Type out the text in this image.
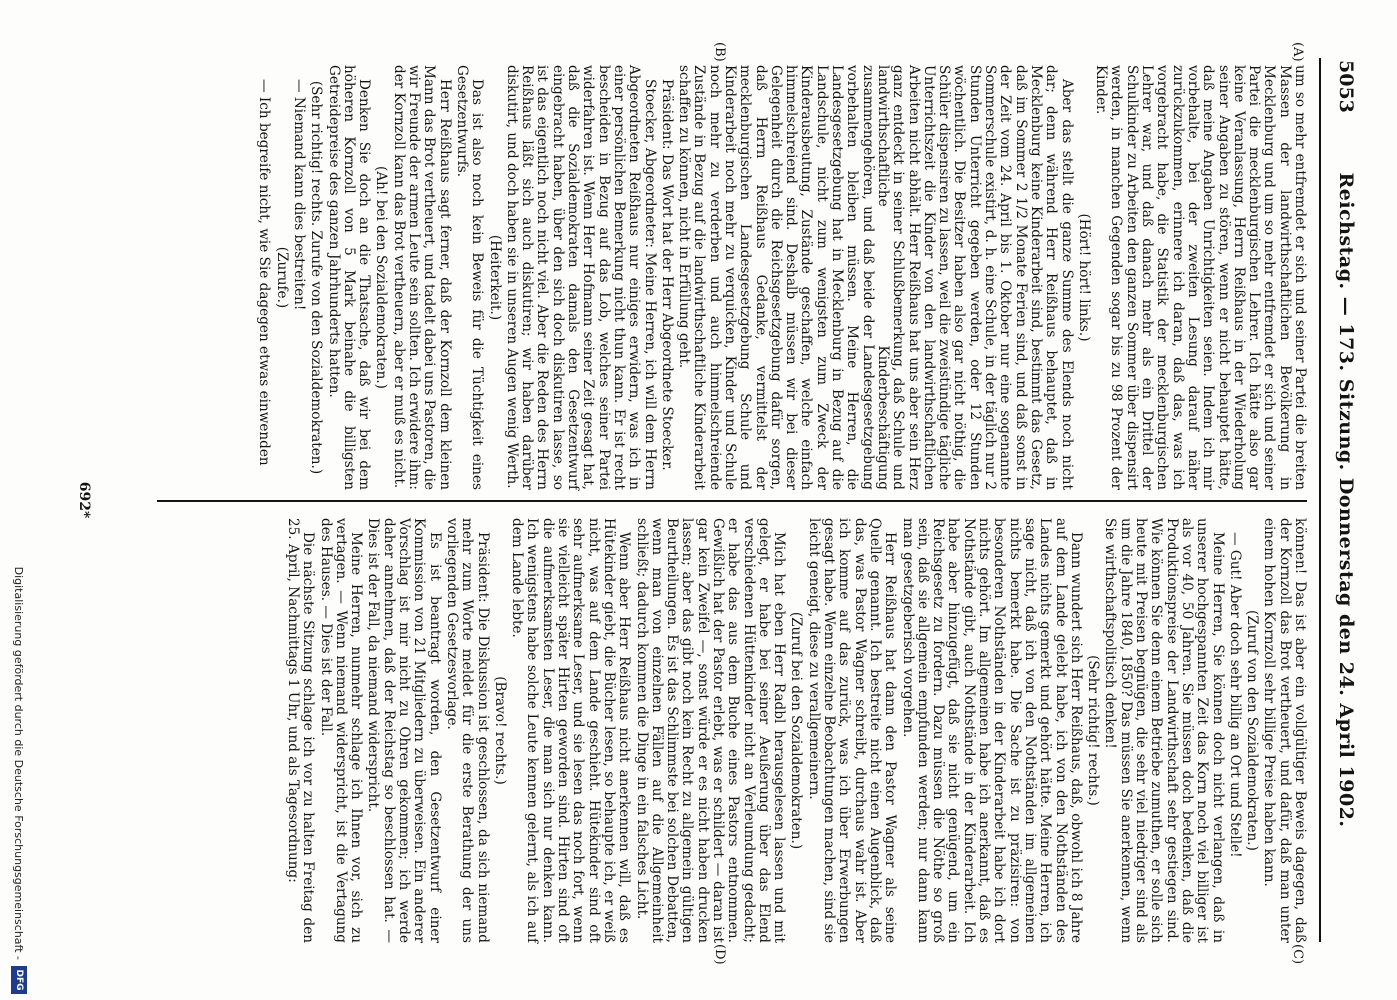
5053
Reichstag. — 173. Sitzung. Donnerstag den 24. April 1902.
(A)
(B)
(C)
(D)

um so mehr entfremdet er sich und seiner Partei die breiten Massen der landwirthschaftlichen Bevölkerung in Mecklenburg und um so mehr entfremdet er sich und seiner Partei die mecklenburgischen Lehrer. Ich hätte also gar keine Veranlassung, Herrn Reißhaus in der Wiederholung seiner Angaben zu stören, wenn er nicht behauptet hätte, daß meine Angaben Unrichtigkeiten seien. Indem ich mir vorbehalte, bei der zweiten Lesung darauf näher zurückzukommen, erinnere ich daran, daß das, was ich vorgebracht habe, die Statistik der mecklenburgischen Lehrer war, und daß danach mehr als ein Drittel der Schulkinder zu Arbeiten den ganzen Sommer über dispensirt werden, in manchen Gegenden sogar bis zu 98 Prozent der Kinder.

(Hört! hört! links.)

Aber das stellt die ganze Summe des Elends noch nicht dar; denn während Herr Reißhaus behauptet, daß in Mecklenburg keine Kinderarbeit sind, bestimmt das Gesetz, daß im Sommer 2 1/2 Monate Ferien sind, und daß sonst in der Zeit vom 24. April bis 1. Oktober nur eine sogenannte Sommerschule existirt, d. h. eine Schule, in der täglich nur 2 Stunden Unterricht gegeben werden, oder 12 Stunden wöchentlich. Die Besitzer haben also gar nicht nöthig, die Schüler dispensiren zu lassen, weil die zweistündige tägliche Unterrichtszeit die Kinder von den landwirthschaftlichen Arbeiten nicht abhält. Herr Reißhaus hat uns aber sein Herz ganz entdeckt in seiner Schlußbemerkung, daß Schule und landwirthschaftliche Kinderbeschäftigung zusammengehören, und daß beide der Landesgesetzgebung vorbehalten bleiben müssen. Meine Herren, die Landesgesetzgebung hat in Mecklenburg in Bezug auf die Landschule, nicht zum wenigsten zum Zweck der Kinderausbeutung, Zustände geschaffen, welche einfach himmelschreiend sind. Deshalb müssen wir bei dieser Gelegenheit durch die Reichsgesetzgebung dafür sorgen, daß Herrn Reißhaus Gedanke, vermittelst der mecklenburgischen Landesgesetzgebung Schule und Kinderarbeit noch mehr zu verquicken, Kinder und Schule noch mehr zu verderben und auch himmelschreiende Zustände in Bezug auf die landwirthschaftliche Kinderarbeit schaffen zu können, nicht in Erfüllung geht.

Präsident: Das Wort hat der Herr Abgeordnete Stoecker.

Stoecker, Abgeordneter: Meine Herren, ich will dem Herrn Abgeordneten Reißhaus nur einiges erwidern, was ich in einer persönlichen Bemerkung nicht thun kann. Er ist recht bescheiden in Bezug auf das Lob, welches seiner Partei widerfahren ist. Wenn Herr Hofmann seiner Zeit gesagt hat, daß die Sozialdemokraten damals den Gesetzentwurf eingebracht haben, über den sich doch diskutiren lasse, so ist das eigentlich noch nicht viel. Aber die Reden des Herrn Reißhaus läßt sich auch diskutiren; wir haben darüber diskutirt, und doch haben sie in unseren Augen wenig Werth.

(Heiterkeit.)

Das ist also noch kein Beweis für die Tüchtigkeit eines Gesetzentwurfs.

Herr Reißhaus sagt ferner, daß der Kornzoll dem kleinen Mann das Brot vertheuert, und tadelt dabei uns Pastoren, die wir Freunde der armen Leute sein sollten. Ich erwidere ihm: der Kornzoll kann das Brot vertheuern, aber er muß es nicht.

(Ah! bei den Sozialdemokraten.)

Denken Sie doch an die Thatsache, daß wir bei dem höheren Kornzoll von 5 Mark beinahe die billigsten Getreidepreise des ganzen Jahrhunderts hatten.

(Sehr richtig! rechts. Zurufe von den Sozialdemokraten.)

— Niemand kann dies bestreiten!

(Zurufe.)

— Ich begreife nicht, wie Sie dagegen etwas einwenden

können! Das ist aber ein vollgültiger Beweis dagegen, daß der Kornzoll das Brot vertheuert, und dafür, daß man unter einem hohen Kornzoll sehr billige Preise haben kann.

(Zuruf von den Sozialdemokraten.)

— Gut! Aber doch sehr billig an Ort und Stelle!

Meine Herren, Sie können doch nicht verlangen, daß in unserer hochgespannten Zeit das Korn noch viel billiger ist als vor 40, 50 Jahren. Sie müssen doch bedenken, daß die Produktionspreise der Landwirthschaft sehr gestiegen sind. Wie können Sie denn einem Betriebe zumuthen, er solle sich heute mit Preisen begnügen, die sehr viel niedriger sind als um die Jahre 1840, 1850? Das müssen Sie anerkennen, wenn Sie wirthschaftspolitisch denken!

(Sehr richtig! rechts.)

Dann wundert sich Herr Reißhaus, daß, obwohl ich 8 Jahre auf dem Lande gelebt habe, ich von den Nothständen des Landes nichts gemerkt und gehört hätte. Meine Herren, ich sage nicht, daß ich von den Nothständen im allgemeinen nichts bemerkt habe. Die Sache ist zu präzisiren: von besonderen Nothständen in der Kinderarbeit habe ich dort nichts gehört. Im allgemeinen habe ich anerkannt, daß es Nothstände gibt, auch Nothstände in der Kinderarbeit. Ich habe aber hinzugefügt, daß sie nicht genügend, um ein Reichsgesetz zu fordern. Dazu müssen die Nöthe so groß sein, daß sie allgemein empfunden werden; nur dann kann man gesetzgeberisch vorgehen.

Herr Reißhaus hat dann den Pastor Wagner als seine Quelle genannt. Ich bestreite nicht einen Augenblick, daß das, was Pastor Wagner schreibt, durchaus wahr ist. Aber ich komme auf das zurück, was ich über Erwerbungen gesagt habe. Wenn einzelne Beobachtungen machen, sind sie leicht geneigt, diese zu verallgemeinern.

(Zuruf bei den Sozialdemokraten.)

Mich hat eben Herr Radbl herausgelesen lassen und mit gelegt, er habe bei seiner Aeußerung über das Elend verschiedenen Hüttenkinder nicht an Verleumdung gedacht; er habe das aus dem Buche eines Pastors entnommen. Gewißlich hat der Pastor erlebt, was er schildert — daran ist gar kein Zweifel —, sonst würde er es nicht haben drucken lassen; aber das gibt noch kein Recht zu allgemein gültigen Beurtheilungen. Es ist das Schlimmste bei solchen Debatten, wenn man von einzelnen Fällen auf die Allgemeinheit schließt; dadurch kommen die Dinge in ein falsches Licht.

Wenn aber Herr Reißhaus nicht anerkennen will, daß es Hütekinder giebt, die Bücher lesen, so behaupte ich, er weiß nicht, was auf dem Lande geschieht. Hütekinder sind oft sehr aufmerksame Leser, und sie lesen das noch fort, wenn sie vielleicht später Hirten geworden sind. Hirten sind oft die aufmerksamsten Leser, die man sich nur denken kann. Ich wenigstens habe solche Leute kennen gelernt, als ich auf dem Lande lebte.

(Bravo! rechts.)

Präsident: Die Diskussion ist geschlossen, da sich niemand mehr zum Worte meldet für die erste Berathung der uns vorliegenden Gesetzesvorlage.

Es ist beantragt worden, den Gesetzentwurf einer Kommission von 21 Mitgliedern zu überweisen. Ein anderer Vorschlag ist mir nicht zu Ohren gekommen; ich werde daher annehmen, daß der Reichstag so beschlossen hat. — Dies ist der Fall, da niemand widerspricht.

Meine Herren, nunmehr schlage ich Ihnen vor, sich zu vertagen. — Wenn niemand widerspricht, ist die Vertagung des Hauses. — Dies ist der Fall.

Die nächste Sitzung schlage ich vor zu halten Freitag den 25. April, Nachmittags 1 Uhr, und als Tagesordnung:

692*
Digitalisierung gefördert durch die Deutsche Forschungsgemeinschaft -
DFG
